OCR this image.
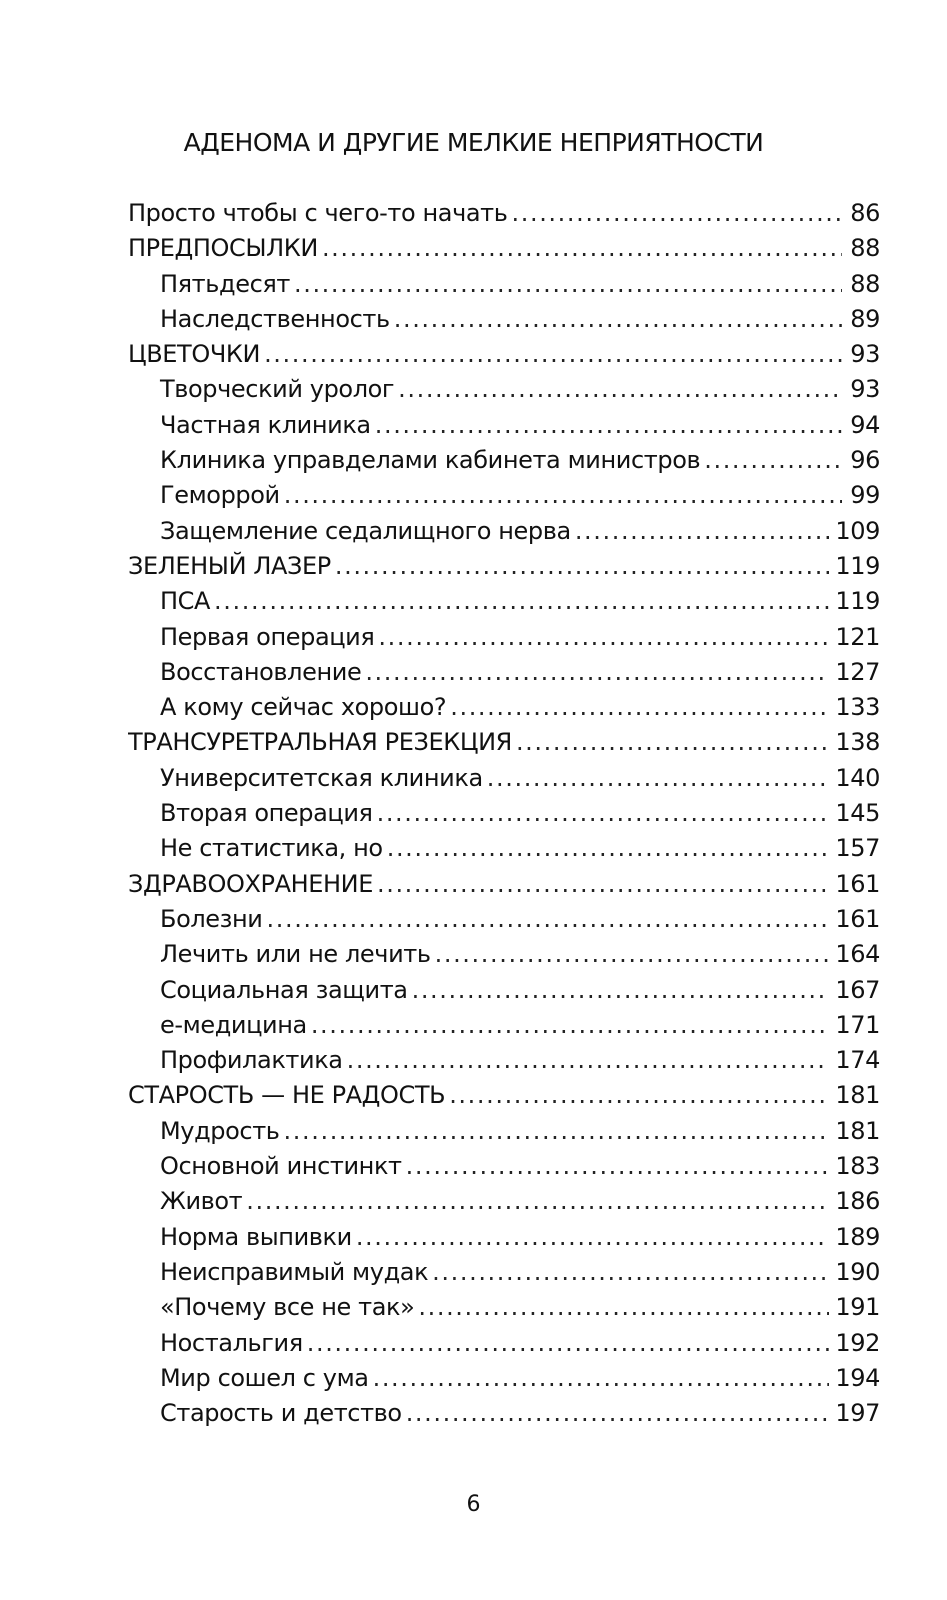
АДЕНОМА И ДРУГИЕ МЕЛКИЕ НЕПРИЯТНОСТИ
Просто чтобы с чего-то начать .....	86
ПРЕДПОСЫЛКИ .....	88
Пятьдесят .....	88
Наследственность .....	89
ЦВЕТОЧКИ .....	93
Творческий уролог .....	93
Частная клиника .....	94
Клиника управделами кабинета министров .....	96
Геморрой .....	99
Защемление седалищного нерва .....	109
ЗЕЛЕНЫЙ ЛАЗЕР .....	119
ПСА .....	119
Первая операция .....	121
Восстановление .....	127
А кому сейчас хорошо? .....	133
ТРАНСУРЕТРАЛЬНАЯ РЕЗЕКЦИЯ .....	138
Университетская клиника .....	140
Вторая операция .....	145
Не статистика, но .....	157
ЗДРАВООХРАНЕНИЕ .....	161
Болезни .....	161
Лечить или не лечить .....	164
Социальная защита .....	167
е-медицина .....	171
Профилактика .....	174
СТАРОСТЬ — НЕ РАДОСТЬ .....	181
Мудрость .....	181
Основной инстинкт .....	183
Живот .....	186
Норма выпивки .....	189
Неисправимый мудак .....	190
«Почему все не так» .....	191
Ностальгия .....	192
Мир сошел с ума .....	194
Старость и детство .....	197
6
